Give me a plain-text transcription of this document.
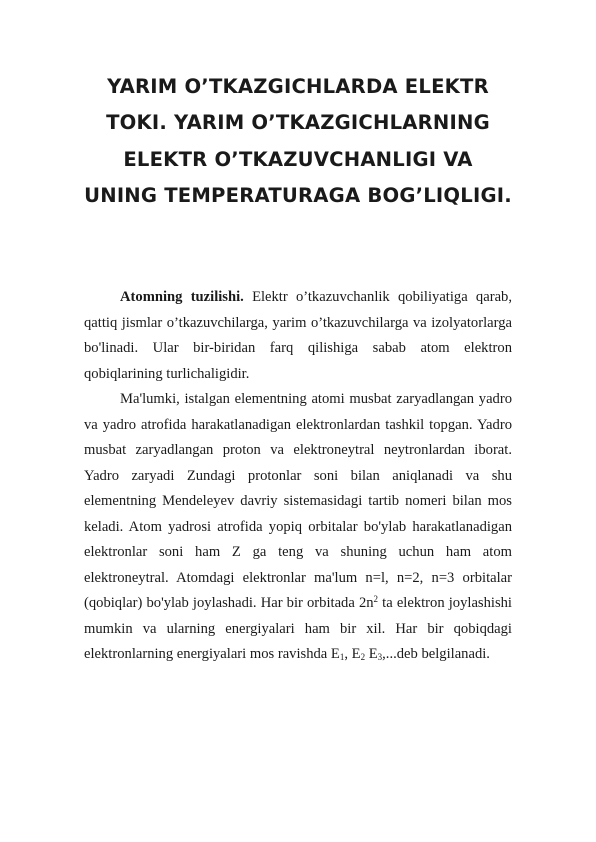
YARIM O’TKAZGICHLARDA ELEKTR TOKI. YARIM O’TKAZGICHLARNING ELEKTR O’TKAZUVCHANLIGI VA UNING TEMPERATURAGA BOG’LIQLIGI.

Atomning tuzilishi. Elektr o’tkazuvchanlik qobiliyatiga qarab, qattiq jismlar o’tkazuvchilarga, yarim o’tkazuvchilarga va izolyatorlarga bo'linadi. Ular bir-biridan farq qilishiga sabab atom elektron qobiqlarining turlichaligidir.

Ma'lumki, istalgan elementning atomi musbat zaryadlangan yadro va yadro atrofida harakatlanadigan elektronlardan tashkil topgan. Yadro musbat zaryadlangan proton va elektroneytral neytronlardan iborat. Yadro zaryadi Zundagi protonlar soni bilan aniqlanadi va shu elementning Mendeleyev davriy sistemasidagi tartib nomeri bilan mos keladi. Atom yadrosi atrofida yopiq orbitalar bo'ylab harakatlanadigan elektronlar soni ham Z ga teng va shuning uchun ham atom elektroneytral. Atomdagi elektronlar ma'lum n=l, n=2, n=3 orbitalar (qobiqlar) bo'ylab joylashadi. Har bir orbitada $2n^2$ ta elektron joylashishi mumkin va ularning energiyalari ham bir xil. Har bir qobiqdagi elektronlarning energiyalari mos ravishda $E_1$, $E_2$ $E_3,...deb$ belgilanadi.
